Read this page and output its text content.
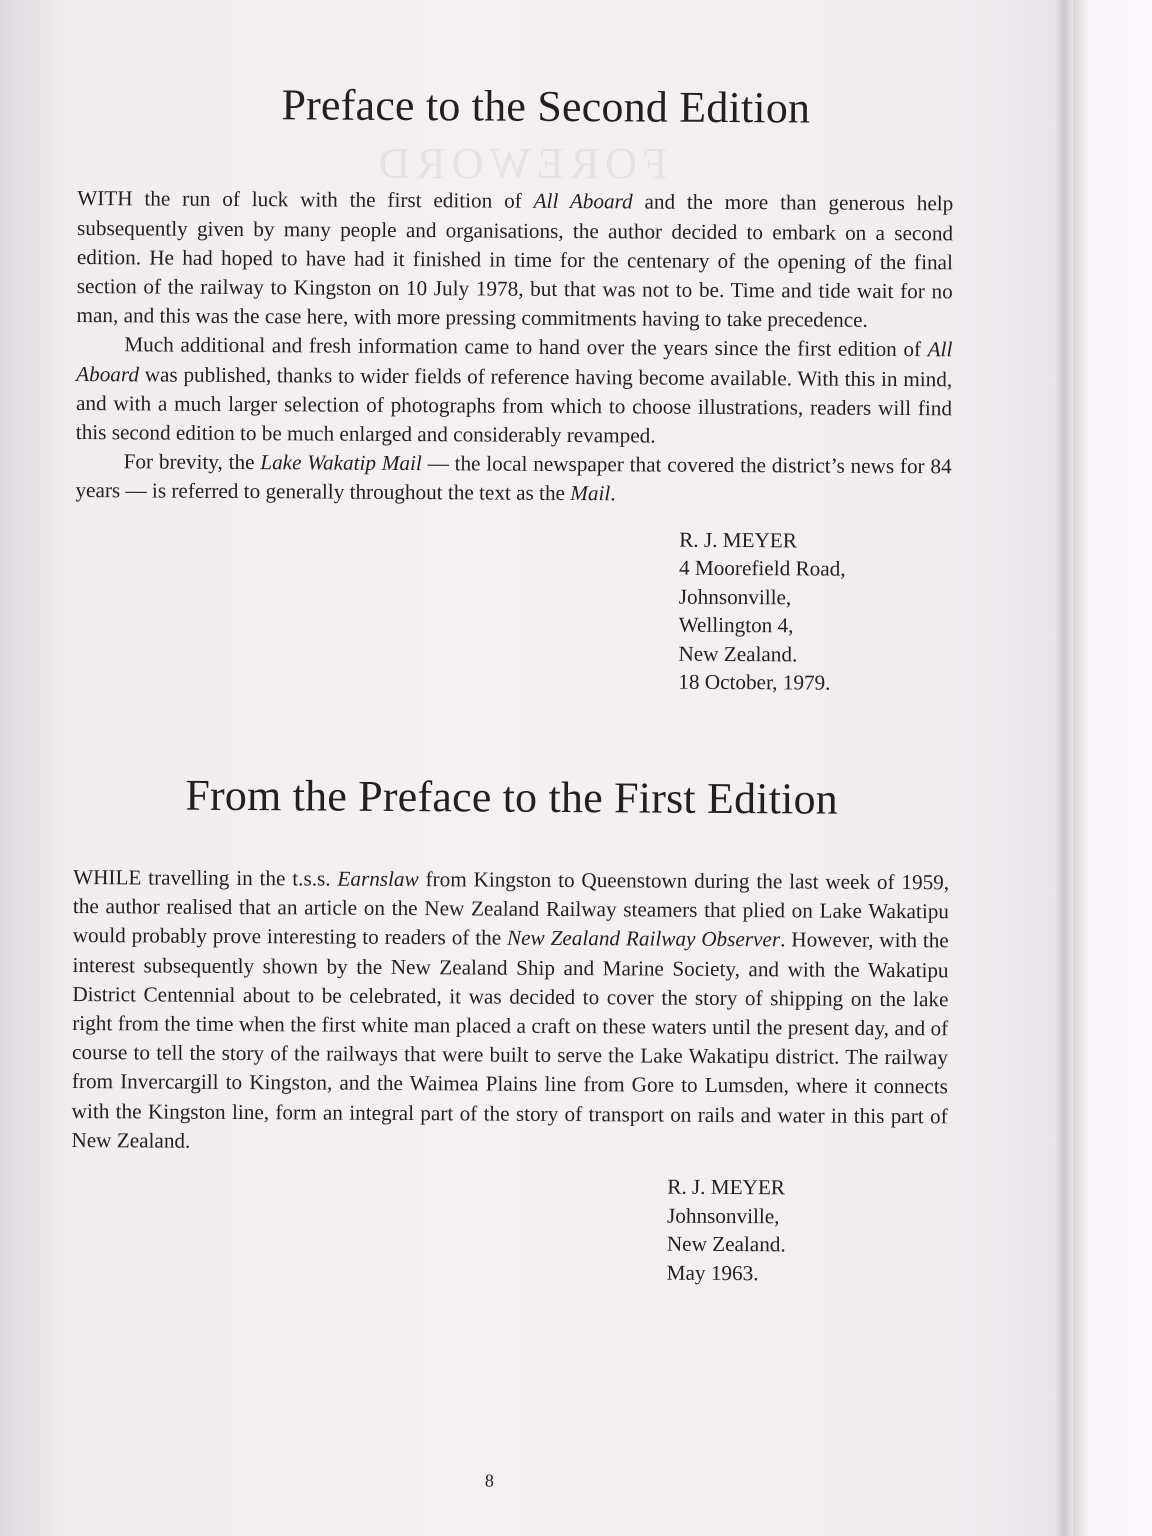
FOREWORD
Preface to the Second Edition

WITH the run of luck with the first edition of All Aboard and the more than generous help subsequently given by many people and organisations, the author decided to embark on a second edition. He had hoped to have had it finished in time for the centenary of the opening of the final section of the railway to Kingston on 10 July 1978, but that was not to be. Time and tide wait for no man, and this was the case here, with more pressing commitments having to take precedence.

Much additional and fresh information came to hand over the years since the first edition of All Aboard was published, thanks to wider fields of reference having become available. With this in mind, and with a much larger selection of photographs from which to choose illustrations, readers will find this second edition to be much enlarged and considerably revamped.

For brevity, the Lake Wakatip Mail — the local newspaper that covered the district’s news for 84 years — is referred to generally throughout the text as the Mail.

R. J. MEYER
4 Moorefield Road,
Johnsonville,
Wellington 4,
New Zealand.
18 October, 1979.
From the Preface to the First Edition

WHILE travelling in the t.s.s. Earnslaw from Kingston to Queenstown during the last week of 1959, the author realised that an article on the New Zealand Railway steamers that plied on Lake Wakatipu would probably prove interesting to readers of the New Zealand Railway Observer. However, with the interest subsequently shown by the New Zealand Ship and Marine Society, and with the Wakatipu District Centennial about to be celebrated, it was decided to cover the story of shipping on the lake right from the time when the first white man placed a craft on these waters until the present day, and of course to tell the story of the railways that were built to serve the Lake Wakatipu district. The railway from Invercargill to Kingston, and the Waimea Plains line from Gore to Lumsden, where it connects with the Kingston line, form an integral part of the story of transport on rails and water in this part of New Zealand.

R. J. MEYER
Johnsonville,
New Zealand.
May 1963.
8
